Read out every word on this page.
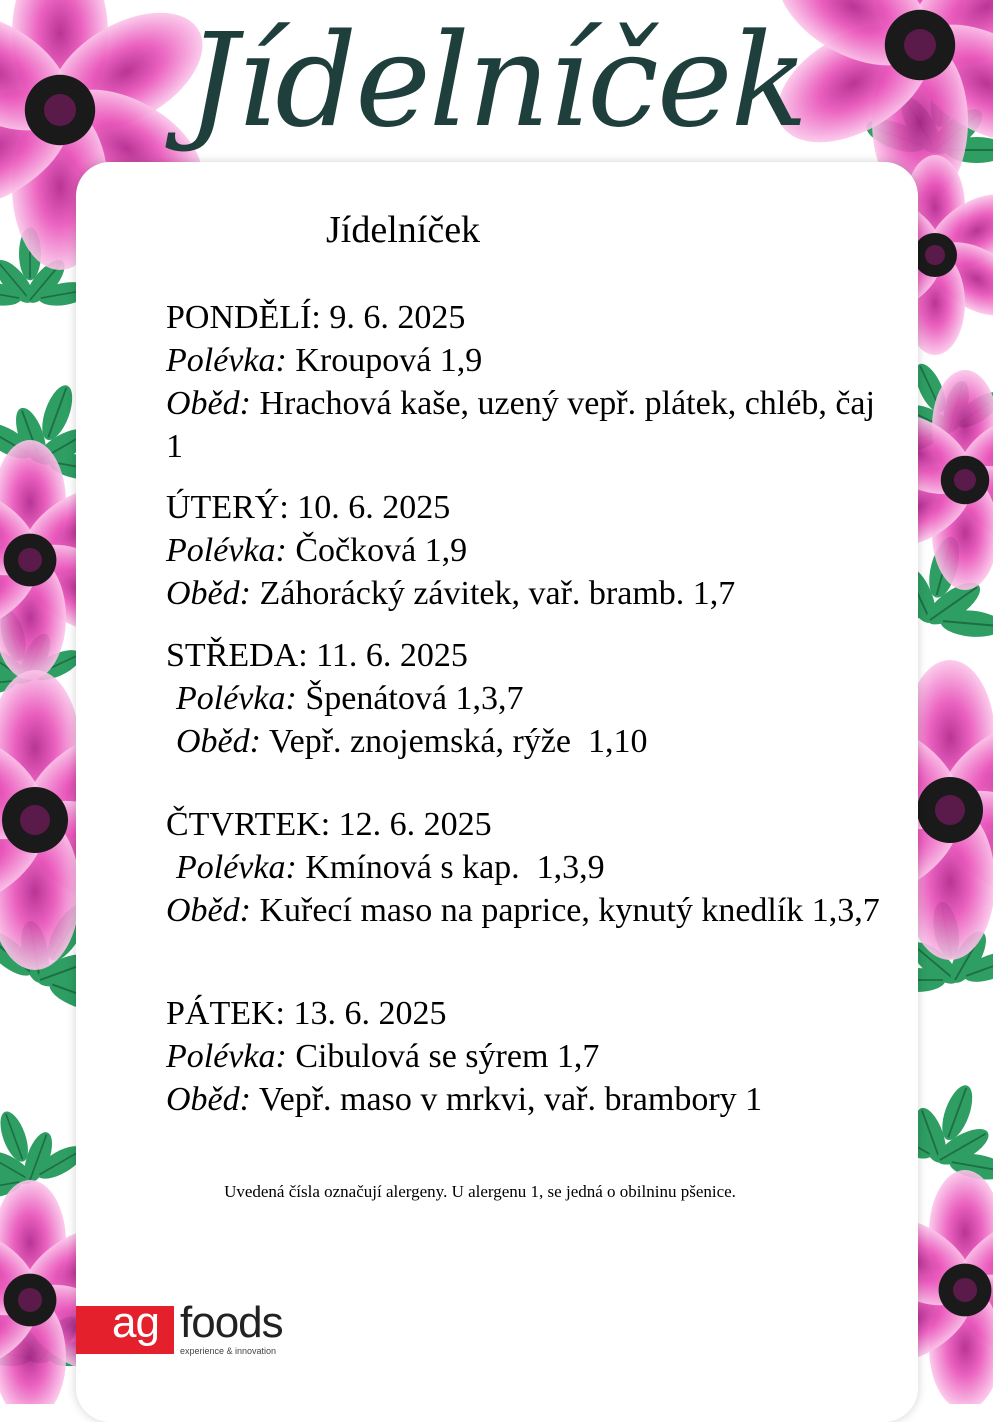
Jídelníček
Jídelníček
PONDĚLÍ: 9. 6. 2025
Polévka: Kroupová 1,9
Oběd: Hrachová kaše, uzený vepř. plátek, chléb, čaj 1
ÚTERÝ: 10. 6. 2025
Polévka: Čočková 1,9
Oběd: Záhorácký závitek, vař. bramb. 1,7
STŘEDA: 11. 6. 2025
Polévka: Špenátová 1,3,7
Oběd: Vepř. znojemská, rýže  1,10
ČTVRTEK: 12. 6. 2025
Polévka: Kmínová s kap.  1,3,9
Oběd: Kuřecí maso na paprice, kynutý knedlík 1,3,7
PÁTEK: 13. 6. 2025
Polévka: Cibulová se sýrem 1,7
Oběd: Vepř. maso v mrkvi, vař. brambory 1
Uvedená čísla označují alergeny. U alergenu 1, se jedná o obilninu pšenice.
ag foods
experience & innovation
